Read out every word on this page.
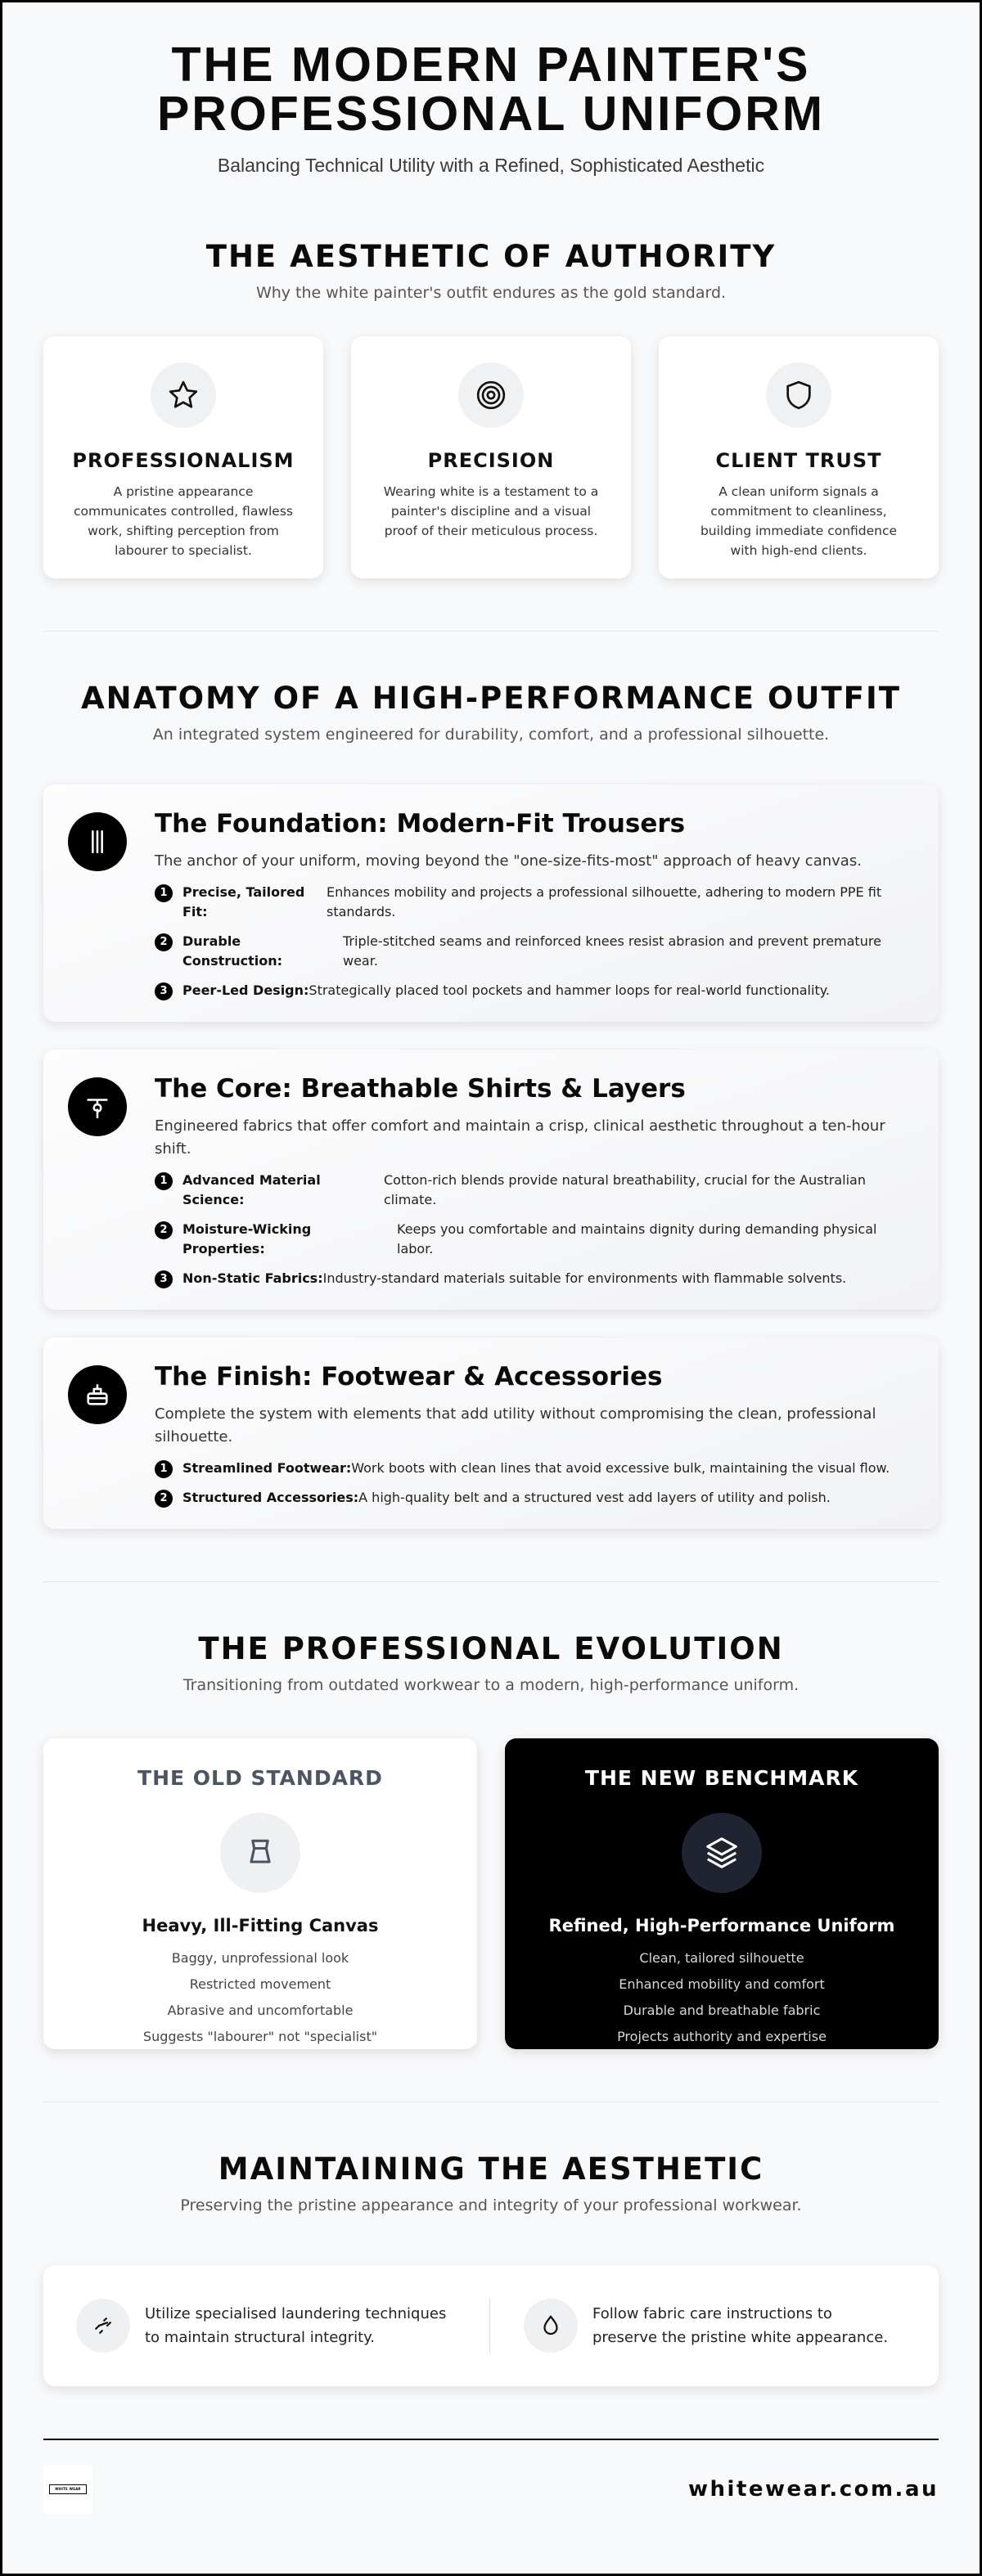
THE MODERN PAINTER'S
PROFESSIONAL UNIFORM

Balancing Technical Utility with a Refined, Sophisticated Aesthetic

THE AESTHETIC OF AUTHORITY

Why the white painter's outfit endures as the gold standard.

PROFESSIONALISM

A pristine appearance communicates controlled, flawless work, shifting perception from labourer to specialist.

PRECISION

Wearing white is a testament to a painter's discipline and a visual proof of their meticulous process.

CLIENT TRUST

A clean uniform signals a commitment to cleanliness, building immediate confidence with high-end clients.

ANATOMY OF A HIGH-PERFORMANCE OUTFIT

An integrated system engineered for durability, comfort, and a professional silhouette.

The Foundation: Modern-Fit Trousers

The anchor of your uniform, moving beyond the "one-size-fits-most" approach of heavy canvas.

1	Precise, Tailored Fit:
Enhances mobility and projects a professional silhouette, adhering to modern PPE fit standards.
2	Durable Construction:
Triple-stitched seams and reinforced knees resist abrasion and prevent premature wear.
3	Peer-Led Design: Strategically placed tool pockets and hammer loops for real-world functionality.
The Core: Breathable Shirts & Layers

Engineered fabrics that offer comfort and maintain a crisp, clinical aesthetic throughout a ten-hour shift.

1	Advanced Material Science:
Cotton-rich blends provide natural breathability, crucial for the Australian climate.
2	Moisture-Wicking Properties:
Keeps you comfortable and maintains dignity during demanding physical labor.
3	Non-Static Fabrics: Industry-standard materials suitable for environments with flammable solvents.
The Finish: Footwear & Accessories

Complete the system with elements that add utility without compromising the clean, professional silhouette.

1	Streamlined Footwear: Work boots with clean lines that avoid excessive bulk, maintaining the visual flow.
2	Structured Accessories: A high-quality belt and a structured vest add layers of utility and polish.
THE PROFESSIONAL EVOLUTION

Transitioning from outdated workwear to a modern, high-performance uniform.

THE OLD STANDARD
Heavy, Ill-Fitting Canvas
Baggy, unprofessional look
Restricted movement
Abrasive and uncomfortable
Suggests "labourer" not "specialist"
THE NEW BENCHMARK
Refined, High-Performance Uniform
Clean, tailored silhouette
Enhanced mobility and comfort
Durable and breathable fabric
Projects authority and expertise
MAINTAINING THE AESTHETIC

Preserving the pristine appearance and integrity of your professional workwear.

Utilize specialised laundering techniques
to maintain structural integrity.

Follow fabric care instructions to
preserve the pristine white appearance.

WHITE WEAR	whitewear.com.au
